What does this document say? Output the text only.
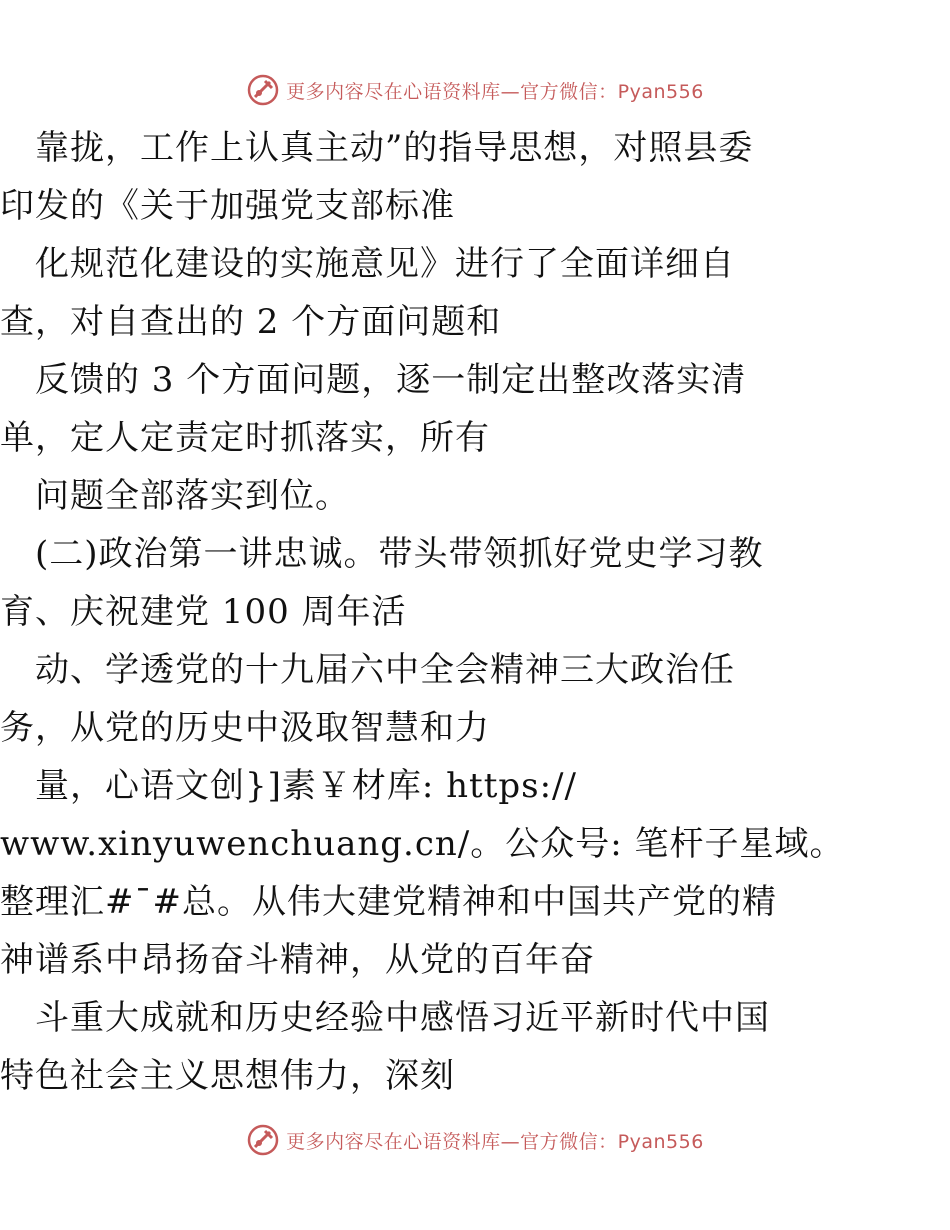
更多内容尽在心语资料库—官方微信：Pyan556
　靠拢，工作上认真主动”的指导思想，对照县委
印发的《关于加强党支部标准
　化规范化建设的实施意见》进行了全面详细自
查，对自查出的 2 个方面问题和
　反馈的 3 个方面问题，逐一制定出整改落实清
单，定人定责定时抓落实，所有
　问题全部落实到位。
　(二)政治第一讲忠诚。带头带领抓好党史学习教
育、庆祝建党 100 周年活
　动、学透党的十九届六中全会精神三大政治任
务，从党的历史中汲取智慧和力
　量，心语文创}]素￥材库: https://
www.xinyuwenchuang.cn/。公众号: 笔杆子星域。
整理汇#¯#总。从伟大建党精神和中国共产党的精
神谱系中昂扬奋斗精神，从党的百年奋
　斗重大成就和历史经验中感悟习近平新时代中国
特色社会主义思想伟力，深刻
更多内容尽在心语资料库—官方微信：Pyan556
